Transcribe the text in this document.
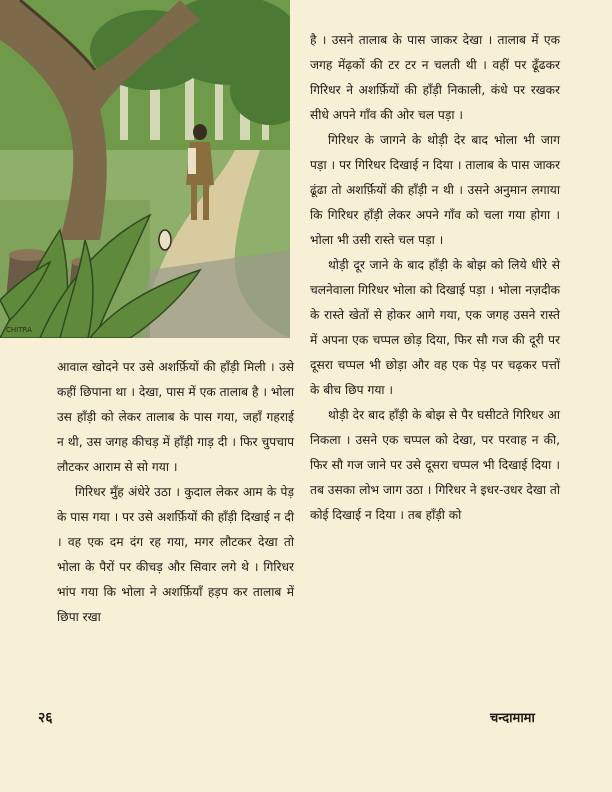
CHITRA

है । उसने तालाब के पास जाकर देखा । तालाब में एक जगह मेंढ़कों की टर टर न चलती थी । वहीं पर ढूँढकर गिरिधर ने अशर्फ़ियों की हाँड़ी निकाली, कंधे पर रखकर सीधे अपने गाँव की ओर चल पड़ा ।

गिरिधर के जागने के थोड़ी देर बाद भोला भी जाग पड़ा । पर गिरिधर दिखाई न दिया । तालाब के पास जाकर ढूंढा तो अशर्फ़ियों की हाँड़ी न थी । उसने अनुमान लगाया कि गिरिधर हाँड़ी लेकर अपने गाँव को चला गया होगा । भोला भी उसी रास्ते चल पड़ा ।

थोड़ी दूर जाने के बाद हाँड़ी के बोझ को लिये धीरे से चलनेवाला गिरिधर भोला को दिखाई पड़ा । भोला नज़दीक के रास्ते खेतों से होकर आगे गया, एक जगह उसने रास्ते में अपना एक चप्पल छोड़ दिया, फिर सौ गज की दूरी पर दूसरा चप्पल भी छोड़ा और वह एक पेड़ पर चढ़कर पत्तों के बीच छिप गया ।

थोड़ी देर बाद हाँड़ी के बोझ से पैर घसीटते गिरिधर आ निकला । उसने एक चप्पल को देखा, पर परवाह न की, फिर सौ गज जाने पर उसे दूसरा चप्पल भी दिखाई दिया । तब उसका लोभ जाग उठा । गिरिधर ने इधर-उधर देखा तो कोई दिखाई न दिया । तब हाँड़ी को

आवाल खोदने पर उसे अशर्फ़ियों की हाँड़ी मिली । उसे कहीं छिपाना था । देखा, पास में एक तालाब है । भोला उस हाँड़ी को लेकर तालाब के पास गया, जहाँ गहराई न थी, उस जगह कीचड़ में हाँड़ी गाड़ दी । फिर चुपचाप लौटकर आराम से सो गया ।

गिरिधर मुँह अंधेरे उठा । कुदाल लेकर आम के पेड़ के पास गया । पर उसे अशर्फ़ियों की हाँड़ी दिखाई न दी । वह एक दम दंग रह गया, मगर लौटकर देखा तो भोला के पैरों पर कीचड़ और सिवार लगे थे । गिरिधर भांप गया कि भोला ने अशर्फ़ियाँ हड़प कर तालाब में छिपा रखा

२६	चन्दामामा
